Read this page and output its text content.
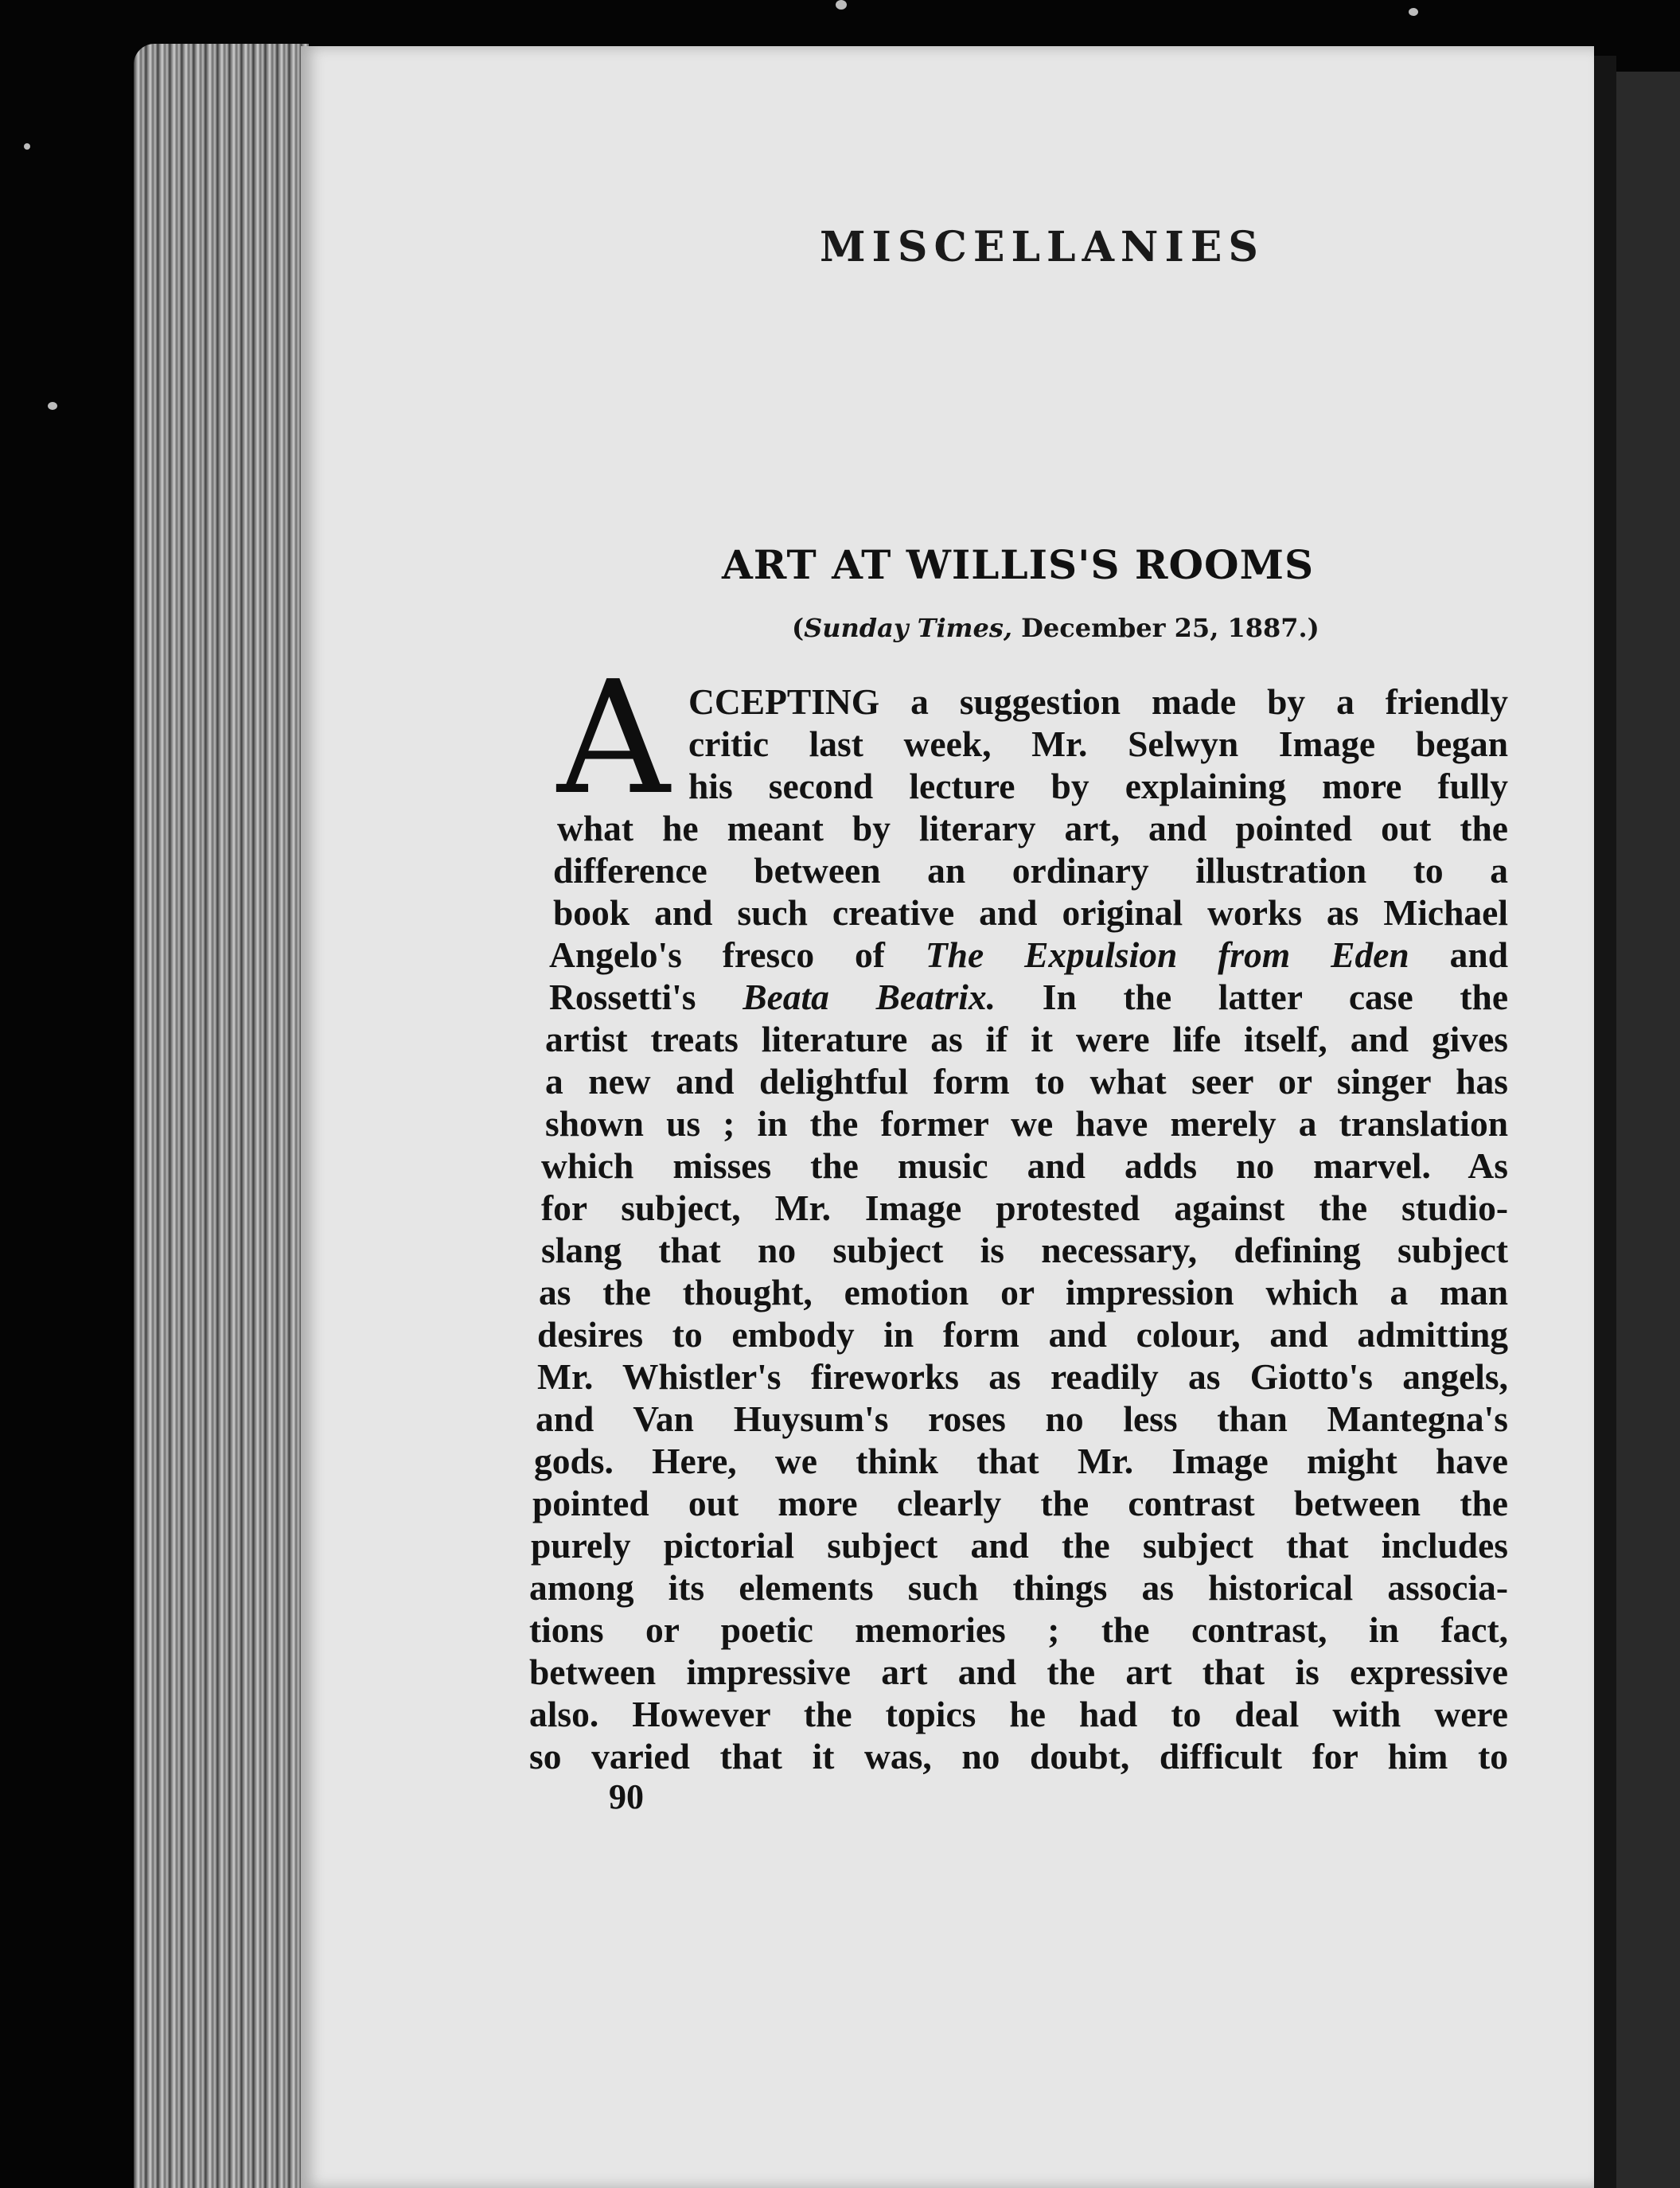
MISCELLANIES
ART AT WILLIS'S ROOMS
(Sunday Times, December 25, 1887.)
A CCEPTING a suggestion made by a friendly
critic last week, Mr. Selwyn Image began
his second lecture by explaining more fully
what he meant by literary art, and pointed out the
difference between an ordinary illustration to a
book and such creative and original works as Michael
Angelo's fresco of The Expulsion from Eden and
Rossetti's Beata Beatrix. In the latter case the
artist treats literature as if it were life itself, and gives
a new and delightful form to what seer or singer has
shown us ; in the former we have merely a translation
which misses the music and adds no marvel. As
for subject, Mr. Image protested against the studio-
slang that no subject is necessary, defining subject
as the thought, emotion or impression which a man
desires to embody in form and colour, and admitting
Mr. Whistler's fireworks as readily as Giotto's angels,
and Van Huysum's roses no less than Mantegna's
gods. Here, we think that Mr. Image might have
pointed out more clearly the contrast between the
purely pictorial subject and the subject that includes
among its elements such things as historical associa-
tions or poetic memories ; the contrast, in fact,
between impressive art and the art that is expressive
also. However the topics he had to deal with were
so varied that it was, no doubt, difficult for him to
90
